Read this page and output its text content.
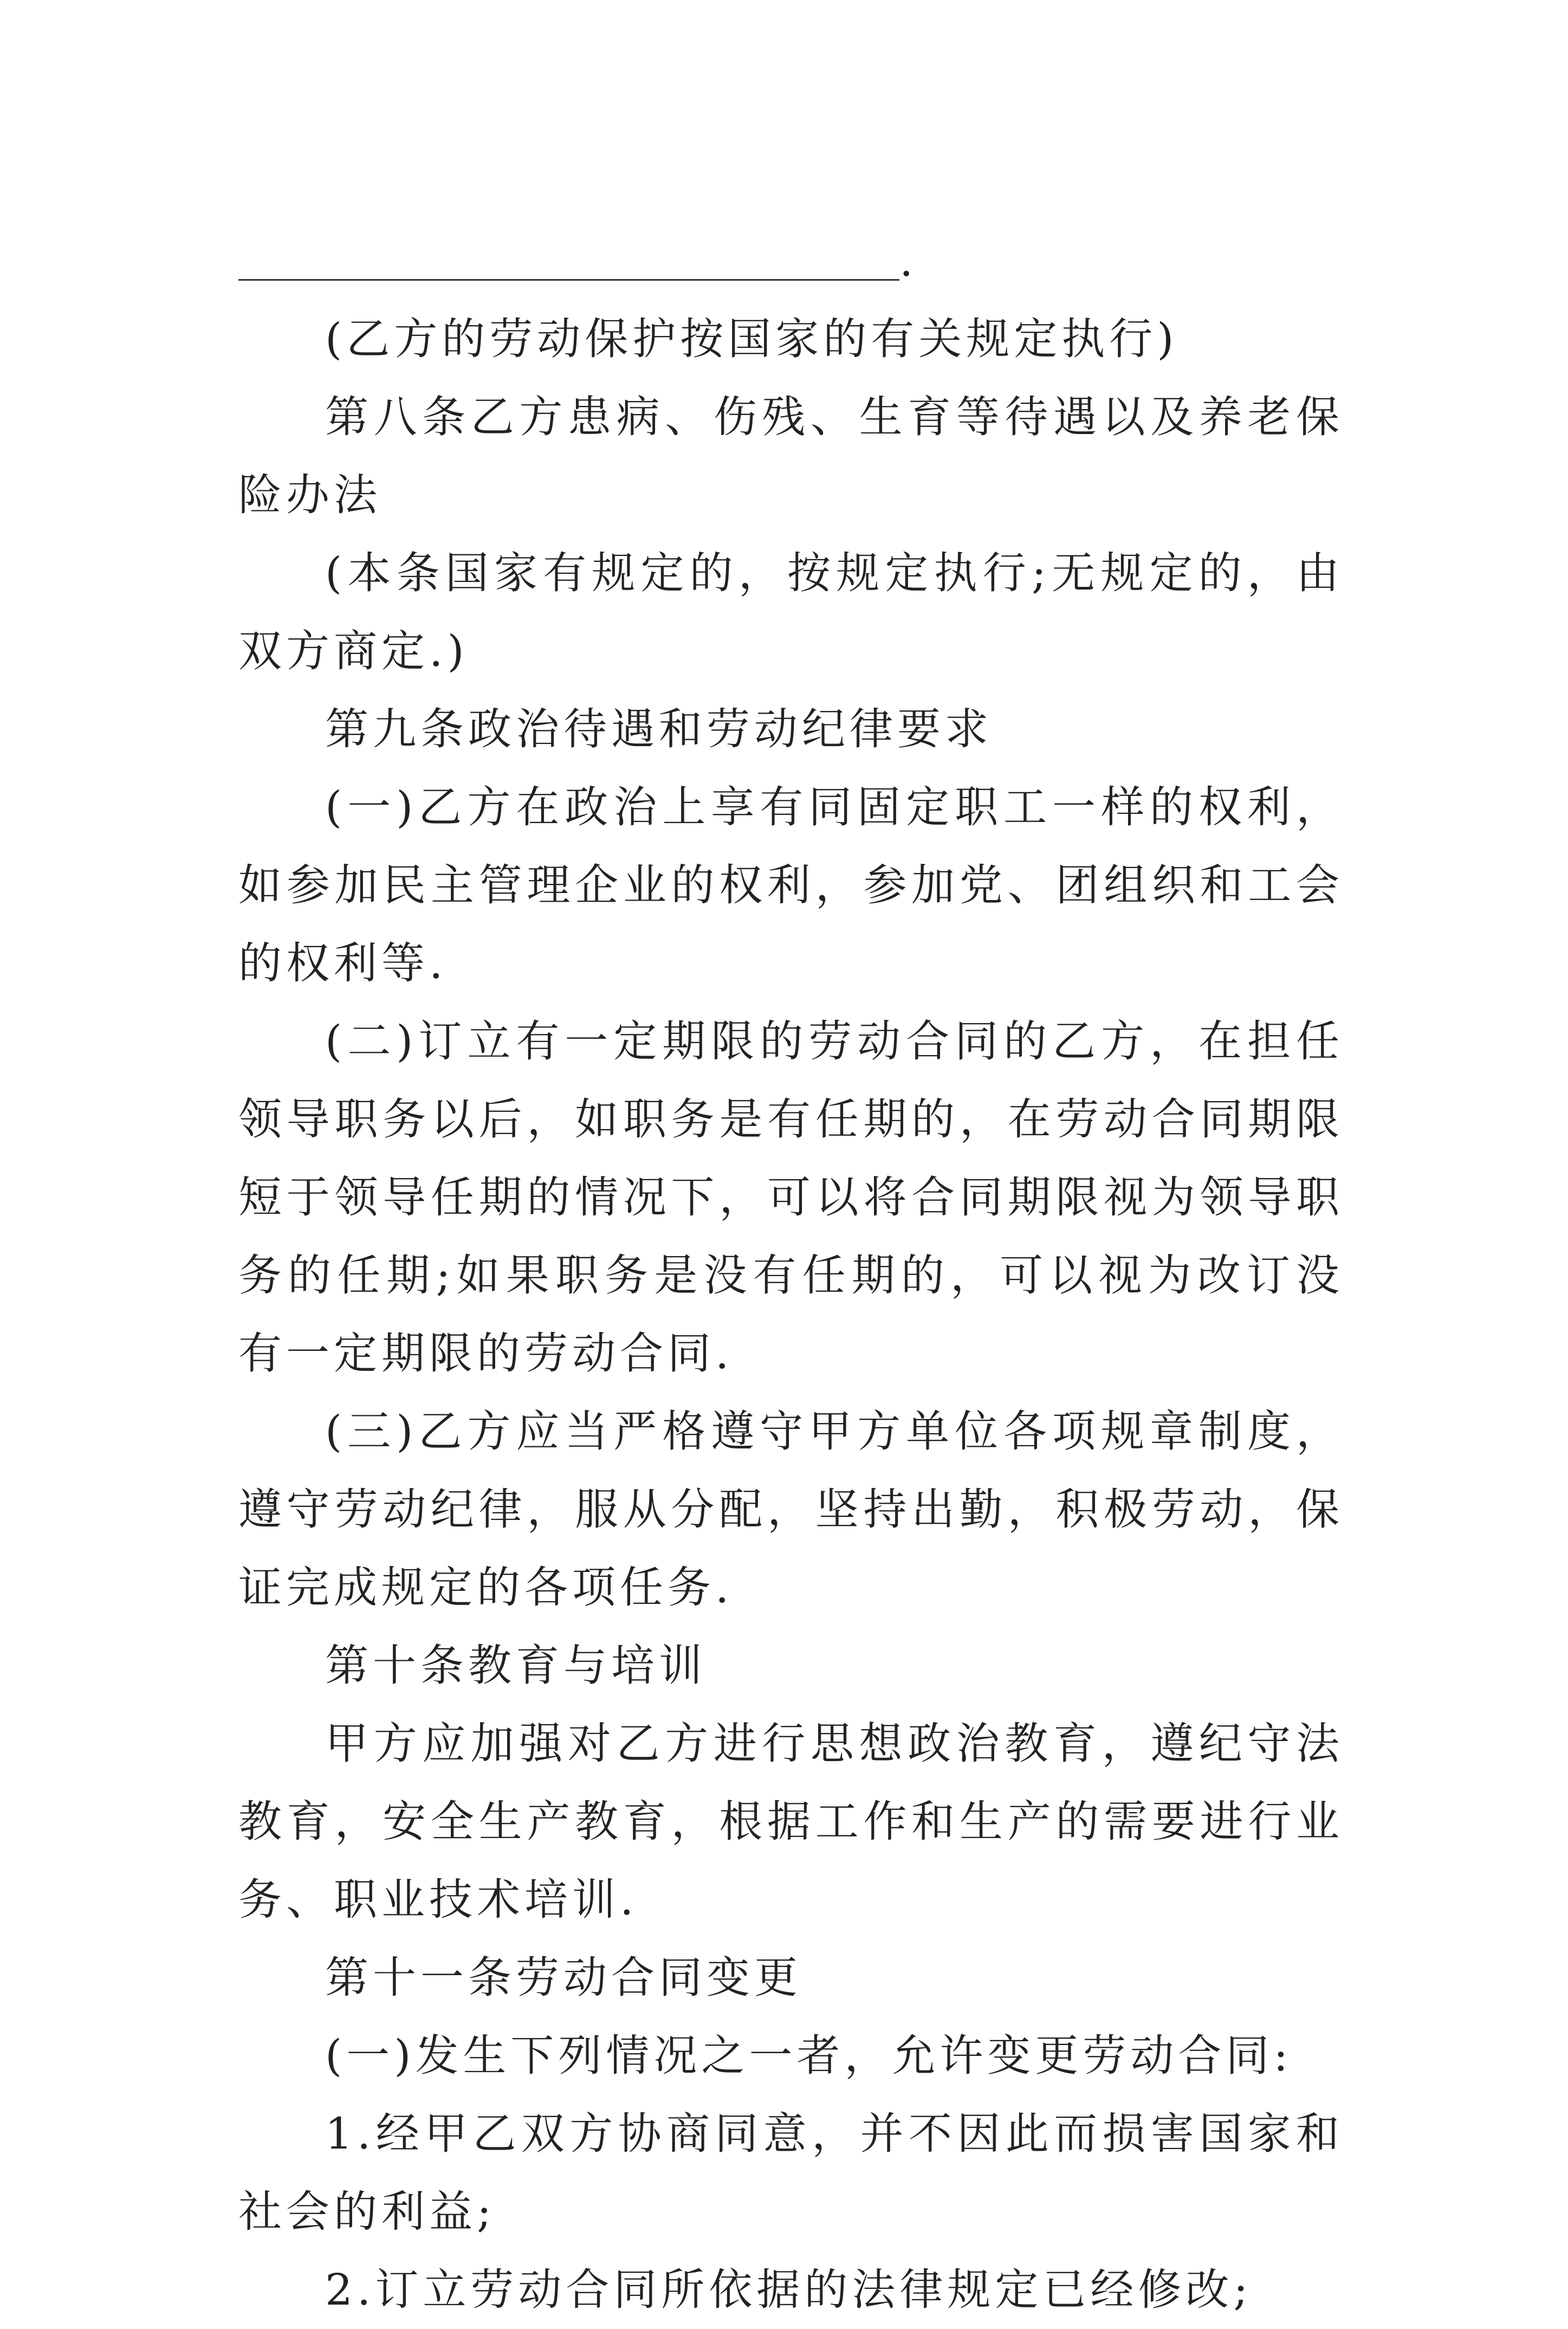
.

(乙方的劳动保护按国家的有关规定执行)

第八条乙方患病、伤残、生育等待遇以及养老保险办法

(本条国家有规定的，按规定执行;无规定的，由双方商定.)

第九条政治待遇和劳动纪律要求

(一)乙方在政治上享有同固定职工一样的权利，如参加民主管理企业的权利，参加党、团组织和工会的权利等.

(二)订立有一定期限的劳动合同的乙方，在担任领导职务以后，如职务是有任期的，在劳动合同期限短于领导任期的情况下，可以将合同期限视为领导职务的任期;如果职务是没有任期的，可以视为改订没有一定期限的劳动合同.

(三)乙方应当严格遵守甲方单位各项规章制度，遵守劳动纪律，服从分配，坚持出勤，积极劳动，保证完成规定的各项任务.

第十条教育与培训

甲方应加强对乙方进行思想政治教育，遵纪守法教育，安全生产教育，根据工作和生产的需要进行业务、职业技术培训.

第十一条劳动合同变更

(一)发生下列情况之一者，允许变更劳动合同:

1.经甲乙双方协商同意，并不因此而损害国家和社会的利益;

2.订立劳动合同所依据的法律规定已经修改;
